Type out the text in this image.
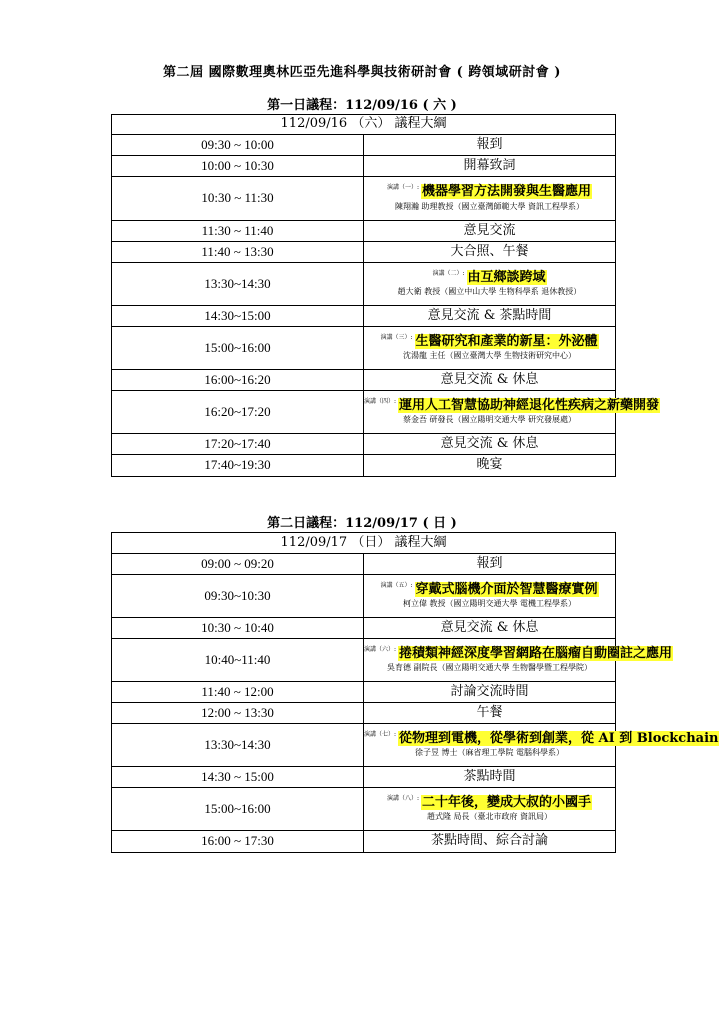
第二屆 國際數理奧林匹亞先進科學與技術研討會 ( 跨領域研討會 )
第一日議程：112/09/16 ( 六 )
112/09/16 （六） 議程大綱	
09:30 ~ 10:00	報到
10:00 ~ 10:30	開幕致詞
10:30 ~ 11:30	$^{演講(一):}$ 機器學習方法開發與生醫應用
陳翔瀚 助理教授（國立臺灣師範大學 資訊工程學系）

11:30 ~ 11:40	意見交流
11:40 ~ 13:30	大合照、午餐
13:30~14:30	$^{演講(二):}$ 由互鄉談跨域
趙大衛 教授（國立中山大學 生物科學系 退休教授）

14:30~15:00	意見交流 & 茶點時間
15:00~16:00	$^{演講(三):}$ 生醫研究和產業的新星：外泌體
沈湯龍 主任（國立臺灣大學 生物技術研究中心）

16:00~16:20	意見交流 & 休息
16:20~17:20	$^{演講(四):}$ 運用人工智慧協助神經退化性疾病之新藥開發
蔡金吾 研發長（國立陽明交通大學 研究發展處）

17:20~17:40	意見交流 & 休息
17:40~19:30	晚宴
第二日議程：112/09/17 ( 日 )
112/09/17 （日） 議程大綱	
09:00 ~ 09:20	報到
09:30~10:30	$^{演講(五):}$ 穿戴式腦機介面於智慧醫療實例
柯立偉 教授（國立陽明交通大學 電機工程學系）

10:30 ~ 10:40	意見交流 & 休息
10:40~11:40	$^{演講(六):}$ 捲積類神經深度學習網路在腦瘤自動圈註之應用
吳育德 副院長（國立陽明交通大學 生物醫學暨工程學院）

11:40 ~ 12:00	討論交流時間
12:00 ~ 13:30	午餐
13:30~14:30	$^{演講(七):}$ 從物理到電機，從學術到創業，從 AI 到 Blockchain
徐子昱 博士（麻省理工學院 電腦科學系）

14:30 ~ 15:00	茶點時間
15:00~16:00	$^{演講(八):}$ 二十年後，變成大叔的小國手
趙式隆 局長（臺北市政府 資訊局）

16:00 ~ 17:30	茶點時間、綜合討論
